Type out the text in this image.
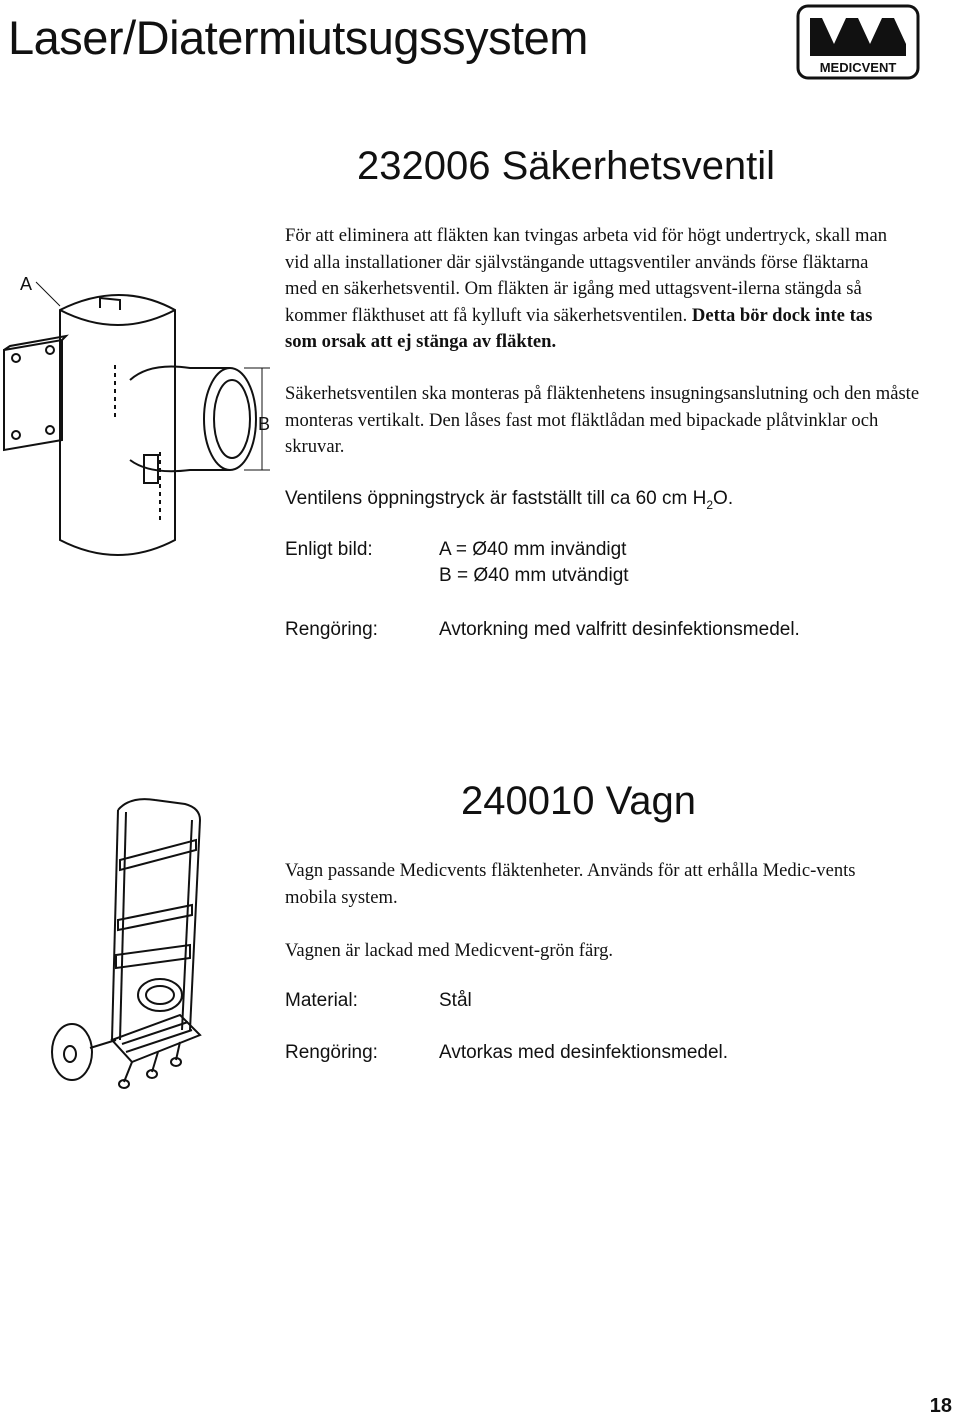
Laser/Diatermiutsugssystem
MEDICVENT
232006 Säkerhetsventil
A
B
För att eliminera att fläkten kan tvingas arbeta vid för högt undertryck, skall man vid alla installationer där självstängande uttagsventiler används förse fläktarna med en säkerhetsventil. Om fläkten är igång med uttagsvent-ilerna stängda så kommer fläkthuset att få kylluft via säkerhetsventilen. Detta bör dock inte tas som orsak att ej stänga av fläkten.
Säkerhetsventilen ska monteras på fläktenhetens insugningsanslutning och den måste monteras vertikalt. Den låses fast mot fläktlådan med bipackade plåtvinklar och skruvar.
Ventilens öppningstryck är fastställt till ca 60 cm $H_2O$.
Enligt bild:	A = Ø40 mm invändigt
B = Ø40 mm utvändigt
Rengöring:	Avtorkning med valfritt desinfektionsmedel.
240010 Vagn
Vagn passande Medicvents fläktenheter. Används för att erhålla Medic-vents mobila system.
Vagnen är lackad med Medicvent-grön färg.
Material:	Stål
Rengöring:	Avtorkas med desinfektionsmedel.
18
